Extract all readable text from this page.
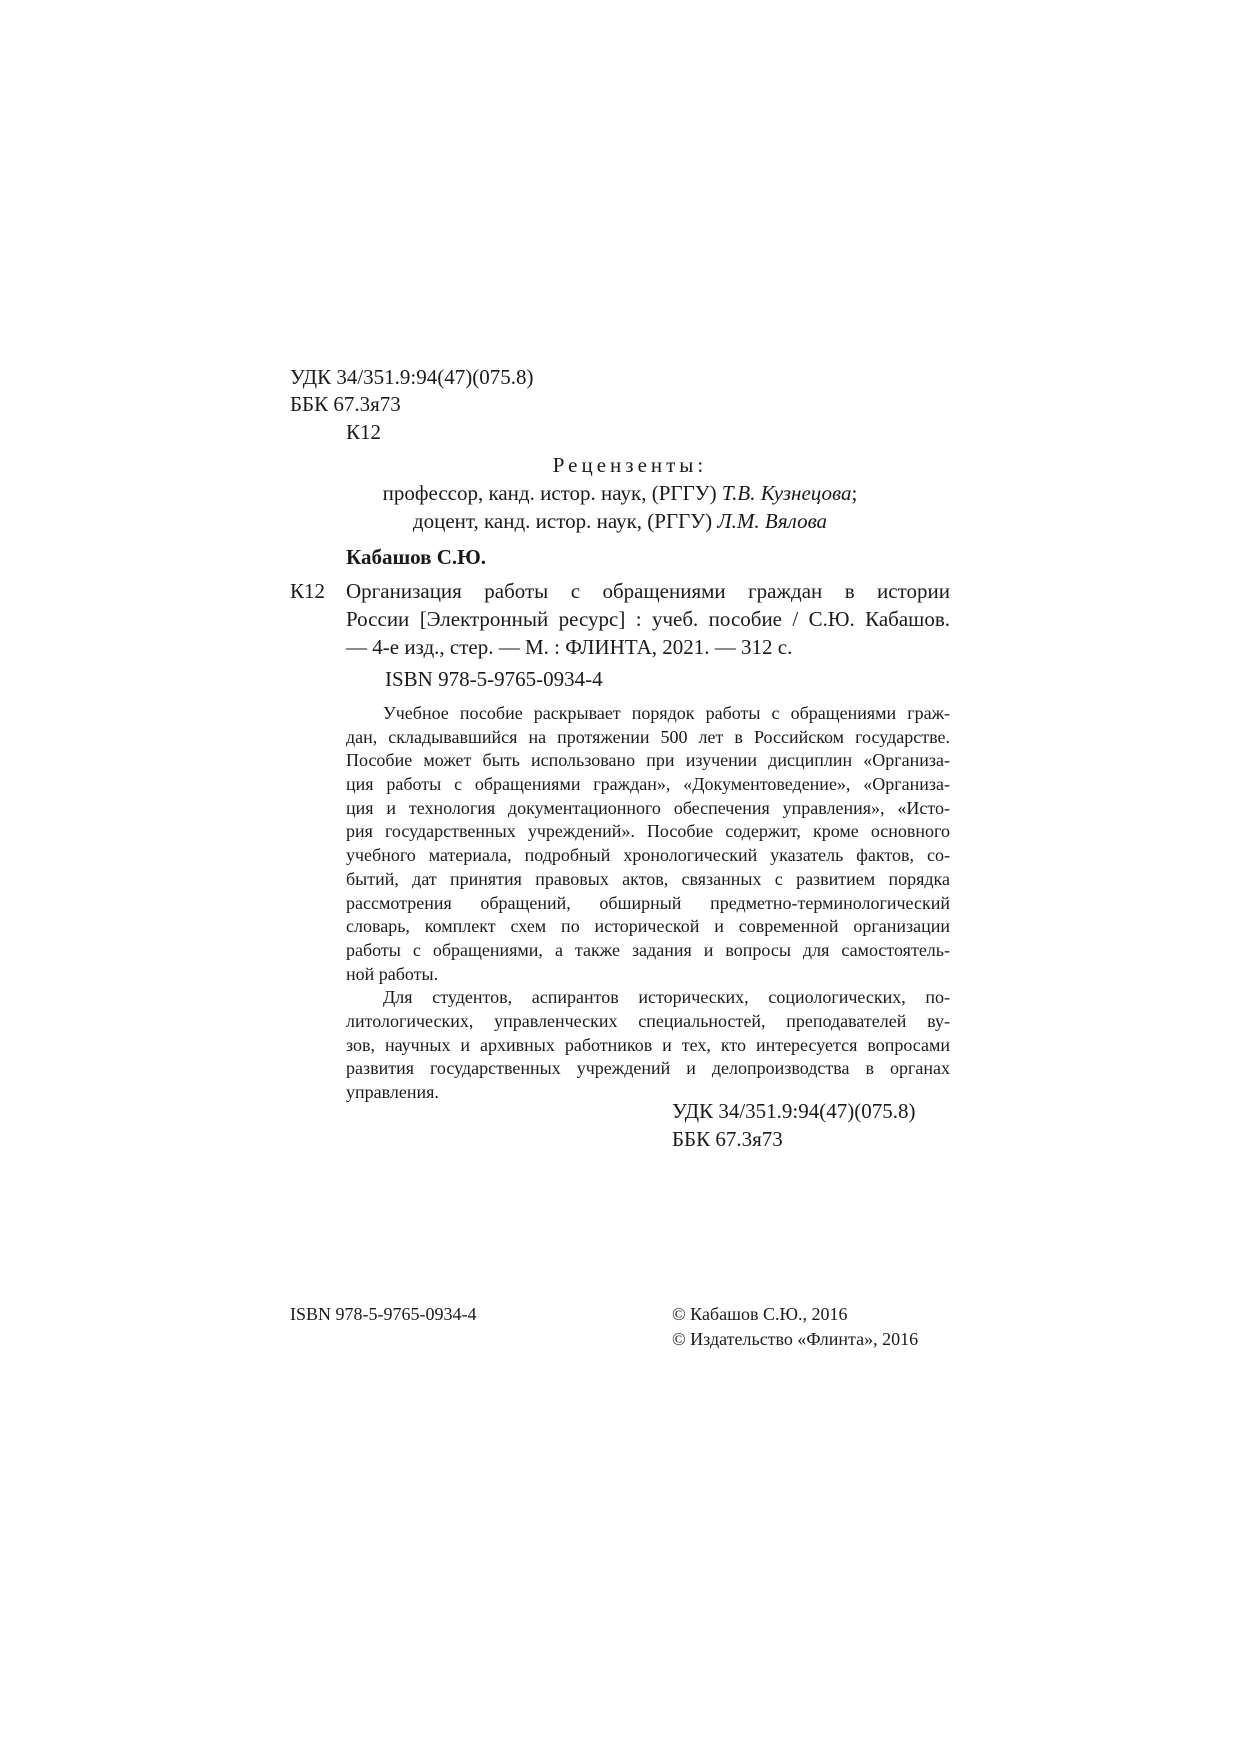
УДК 34/351.9:94(47)(075.8)
ББК 67.3я73
К12
Рецензенты:
профессор, канд. истор. наук, (РГГУ) Т.В. Кузнецова;
доцент, канд. истор. наук, (РГГУ) Л.М. Вялова
Кабашов С.Ю.
К12 Организация работы с обращениями граждан в истории
России [Электронный ресурс] : учеб. пособие / С.Ю. Кабашов.
— 4-е изд., стер. — М. : ФЛИНТА, 2021. — 312 с.
ISBN 978-5-9765-0934-4
Учебное пособие раскрывает порядок работы с обращениями граж-
дан, складывавшийся на протяжении 500 лет в Российском государстве.
Пособие может быть использовано при изучении дисциплин «Организа-
ция работы с обращениями граждан», «Документоведение», «Организа-
ция и технология документационного обеспечения управления», «Исто-
рия государственных учреждений». Пособие содержит, кроме основного
учебного материала, подробный хронологический указатель фактов, со-
бытий, дат принятия правовых актов, связанных с развитием порядка
рассмотрения обращений, обширный предметно-терминологический
словарь, комплект схем по исторической и современной организации
работы с обращениями, а также задания и вопросы для самостоятель-
ной работы.
Для студентов, аспирантов исторических, социологических, по-
литологических, управленческих специальностей, преподавателей ву-
зов, научных и архивных работников и тех, кто интересуется вопросами
развития государственных учреждений и делопроизводства в органах
управления.
УДК 34/351.9:94(47)(075.8)
ББК 67.3я73
ISBN 978-5-9765-0934-4	© Кабашов С.Ю., 2016
© Издательство «Флинта», 2016
